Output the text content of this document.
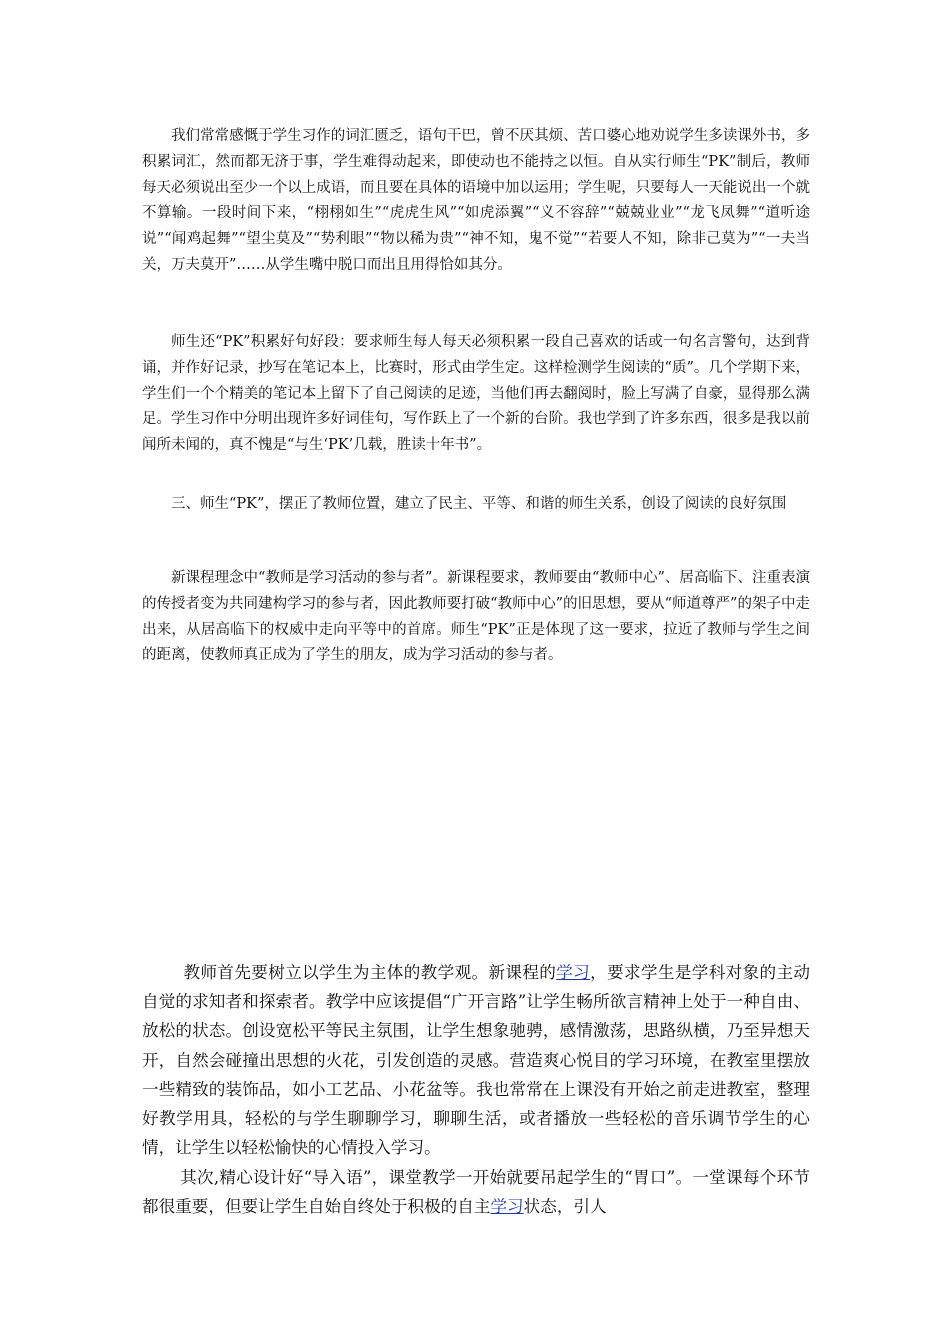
我们常常感慨于学生习作的词汇匮乏，语句干巴，曾不厌其烦、苦口婆心地劝说学生多读课外书，多积累词汇，然而都无济于事，学生难得动起来，即使动也不能持之以恒。自从实行师生“PK”制后，教师每天必须说出至少一个以上成语，而且要在具体的语境中加以运用；学生呢，只要每人一天能说出一个就不算输。一段时间下来，“栩栩如生”“虎虎生风”“如虎添翼”“义不容辞”“兢兢业业”“龙飞凤舞”“道听途说”“闻鸡起舞”“望尘莫及”“势利眼”“物以稀为贵”“神不知，鬼不觉”“若要人不知，除非己莫为”“一夫当关，万夫莫开”……从学生嘴中脱口而出且用得恰如其分。

师生还“PK”积累好句好段：要求师生每人每天必须积累一段自己喜欢的话或一句名言警句，达到背诵，并作好记录，抄写在笔记本上，比赛时，形式由学生定。这样检测学生阅读的“质”。几个学期下来，学生们一个个精美的笔记本上留下了自己阅读的足迹，当他们再去翻阅时，脸上写满了自豪，显得那么满足。学生习作中分明出现许多好词佳句，写作跃上了一个新的台阶。我也学到了许多东西，很多是我以前闻所未闻的，真不愧是“与生‘PK’几载，胜读十年书”。

三、师生“PK”，摆正了教师位置，建立了民主、平等、和谐的师生关系，创设了阅读的良好氛围

新课程理念中“教师是学习活动的参与者”。新课程要求，教师要由“教师中心”、居高临下、注重表演的传授者变为共同建构学习的参与者，因此教师要打破“教师中心”的旧思想，要从“师道尊严”的架子中走出来，从居高临下的权威中走向平等中的首席。师生“PK”正是体现了这一要求，拉近了教师与学生之间的距离，使教师真正成为了学生的朋友，成为学习活动的参与者。

教师首先要树立以学生为主体的教学观。新课程的学习，要求学生是学科对象的主动自觉的求知者和探索者。教学中应该提倡“广开言路”让学生畅所欲言精神上处于一种自由、放松的状态。创设宽松平等民主氛围，让学生想象驰骋，感情激荡，思路纵横，乃至异想天开，自然会碰撞出思想的火花，引发创造的灵感。营造爽心悦目的学习环境，在教室里摆放一些精致的装饰品，如小工艺品、小花盆等。我也常常在上课没有开始之前走进教室，整理好教学用具，轻松的与学生聊聊学习，聊聊生活，或者播放一些轻松的音乐调节学生的心情，让学生以轻松愉快的心情投入学习。

其次,精心设计好“导入语”，课堂教学一开始就要吊起学生的“胃口”。一堂课每个环节都很重要，但要让学生自始自终处于积极的自主学习状态，引人
